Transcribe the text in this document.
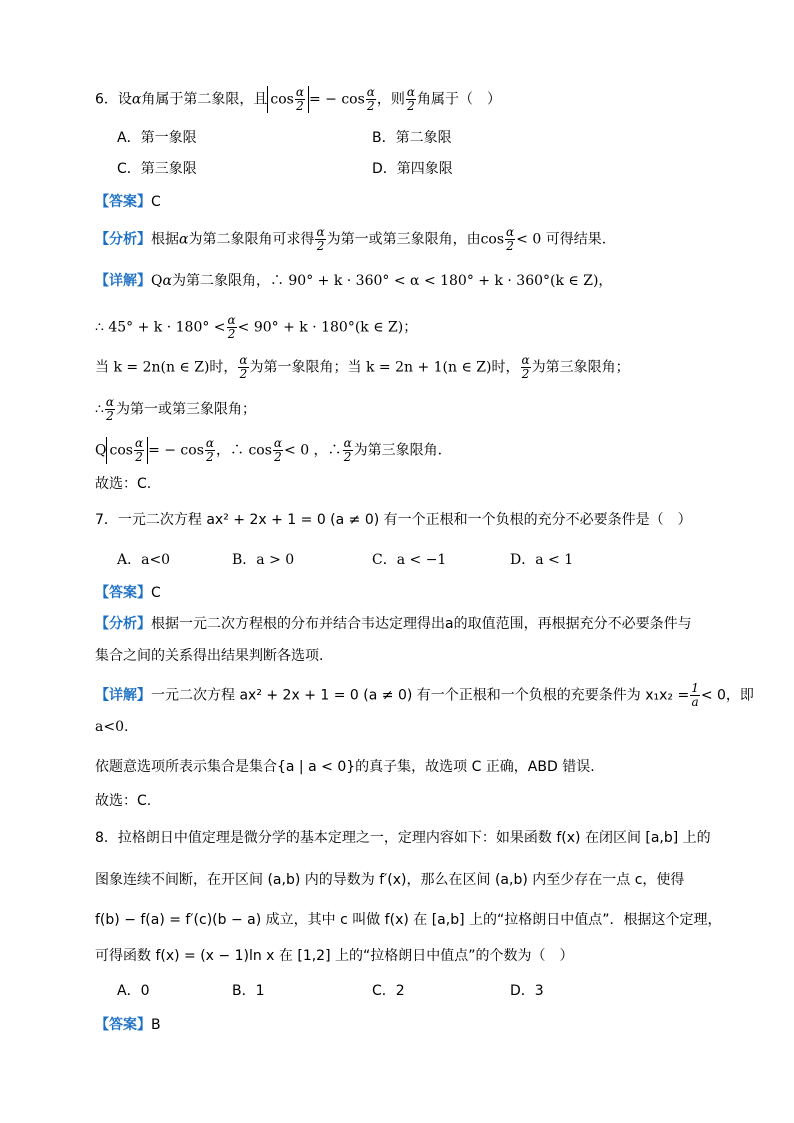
6．设α角属于第二象限，且 $\cos \frac{\alpha}{2}$ = − $\cos \frac{\alpha}{2}$ ，则 $\frac{\alpha}{2}$ 角属于（　）
A．第一象限	B．第二象限
C．第三象限	D．第四象限
【答案】C
【分析】根据α为第二象限角可求得 $\frac{\alpha}{2}$ 为第一或第三象限角，由$\cos \frac{\alpha}{2} < 0$ 可得结果.
【详解】Qα为第二象限角，∴ 90° + k · 360° < α < 180° + k · 360°(k ∈ Z)，
∴ $45^\circ + k \cdot 180^\circ < \frac{\alpha}{2} < 90^\circ + k \cdot 180^\circ(k$ ∈ Z)；
当 k = 2n(n ∈ Z)时， $\frac{\alpha}{2}$ 为第一象限角；当 k = 2n + 1(n ∈ Z)时， $\frac{\alpha}{2}$ 为第三象限角；
∴ $\frac{\alpha}{2}$ 为第一或第三象限角；
Q $\cos \frac{\alpha}{2}$ = − $\cos \frac{\alpha}{2}$ ，∴ $\cos \frac{\alpha}{2} < 0$ ，∴ $\frac{\alpha}{2}$ 为第三象限角.
故选：C.
7．一元二次方程 ax² + 2x + 1 = 0 (a ≠ 0) 有一个正根和一个负根的充分不必要条件是（　）
A．a<0	B．a > 0	C．a < −1	D．a < 1
【答案】C
【分析】根据一元二次方程根的分布并结合韦达定理得出a的取值范围，再根据充分不必要条件与
集合之间的关系得出结果判断各选项.
【详解】一元二次方程 ax² + 2x + 1 = 0 (a ≠ 0) 有一个正根和一个负根的充要条件为 $x_1x_2 = \frac{1}{a} < 0$，即
a<0.
依题意选项所表示集合是集合{a | a < 0}的真子集，故选项 C 正确，ABD 错误.
故选：C.
8．拉格朗日中值定理是微分学的基本定理之一，定理内容如下：如果函数 f(x) 在闭区间 [a,b] 上的
图象连续不间断，在开区间 (a,b) 内的导数为 f′(x)，那么在区间 (a,b) 内至少存在一点 c，使得
f(b) − f(a) = f′(c)(b − a) 成立，其中 c 叫做 f(x) 在 [a,b] 上的“拉格朗日中值点”．根据这个定理，
可得函数 f(x) = (x − 1)ln x 在 [1,2] 上的“拉格朗日中值点”的个数为（　）
A．0	B．1	C．2	D．3
【答案】B
